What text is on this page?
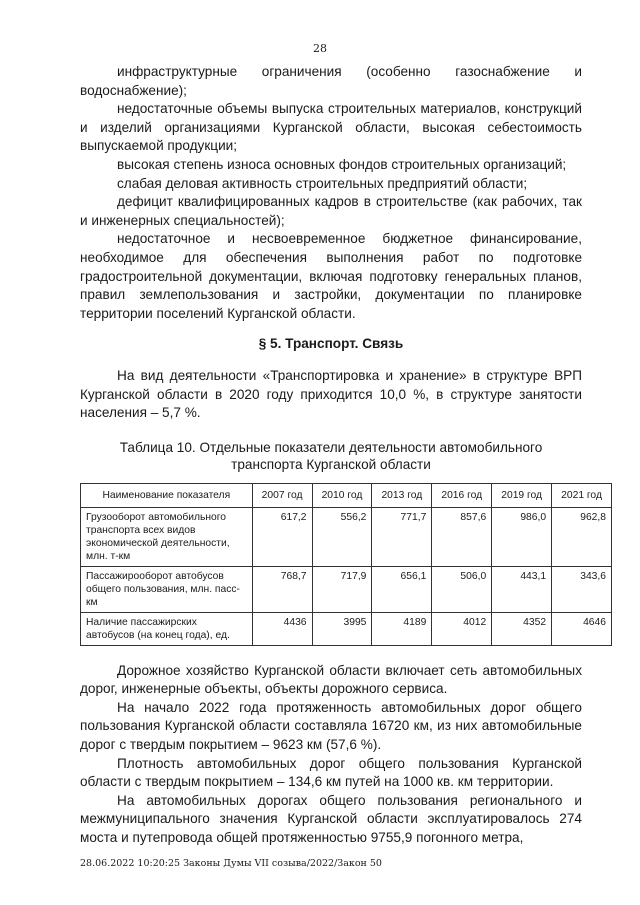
28

инфраструктурные ограничения (особенно газоснабжение и водоснабжение);

недостаточные объемы выпуска строительных материалов, конструкций и изделий организациями Курганской области, высокая себестоимость выпускаемой продукции;

высокая степень износа основных фондов строительных организаций;

слабая деловая активность строительных предприятий области;

дефицит квалифицированных кадров в строительстве (как рабочих, так и инженерных специальностей);

недостаточное и несвоевременное бюджетное финансирование, необходимое для обеспечения выполнения работ по подготовке градостроительной документации, включая подготовку генеральных планов, правил землепользования и застройки, документации по планировке территории поселений Курганской области.

§ 5. Транспорт. Связь

На вид деятельности «Транспортировка и хранение» в структуре ВРП Курганской области в 2020 году приходится 10,0 %, в структуре занятости населения – 5,7 %.

Таблица 10. Отдельные показатели деятельности автомобильного
транспорта Курганской области
Наименование показателя	2007 год	2010 год	2013 год	2016 год	2019 год	2021 год
Грузооборот автомобильного транспорта всех видов экономической деятельности, млн. т-км	617,2	556,2	771,7	857,6	986,0	962,8
Пассажирооборот автобусов общего пользования, млн. пасс-км	768,7	717,9	656,1	506,0	443,1	343,6
Наличие пассажирских автобусов (на конец года), ед.	4436	3995	4189	4012	4352	4646

Дорожное хозяйство Курганской области включает сеть автомобильных дорог, инженерные объекты, объекты дорожного сервиса.

На начало 2022 года протяженность автомобильных дорог общего пользования Курганской области составляла 16720 км, из них автомобильные дорог с твердым покрытием – 9623 км (57,6 %).

Плотность автомобильных дорог общего пользования Курганской области с твердым покрытием – 134,6 км путей на 1000 кв. км территории.

На автомобильных дорогах общего пользования регионального и межмуниципального значения Курганской области эксплуатировалось 274 моста и путепровода общей протяженностью 9755,9 погонного метра,

28.06.2022 10:20:25 Законы Думы VII созыва/2022/Закон 50
